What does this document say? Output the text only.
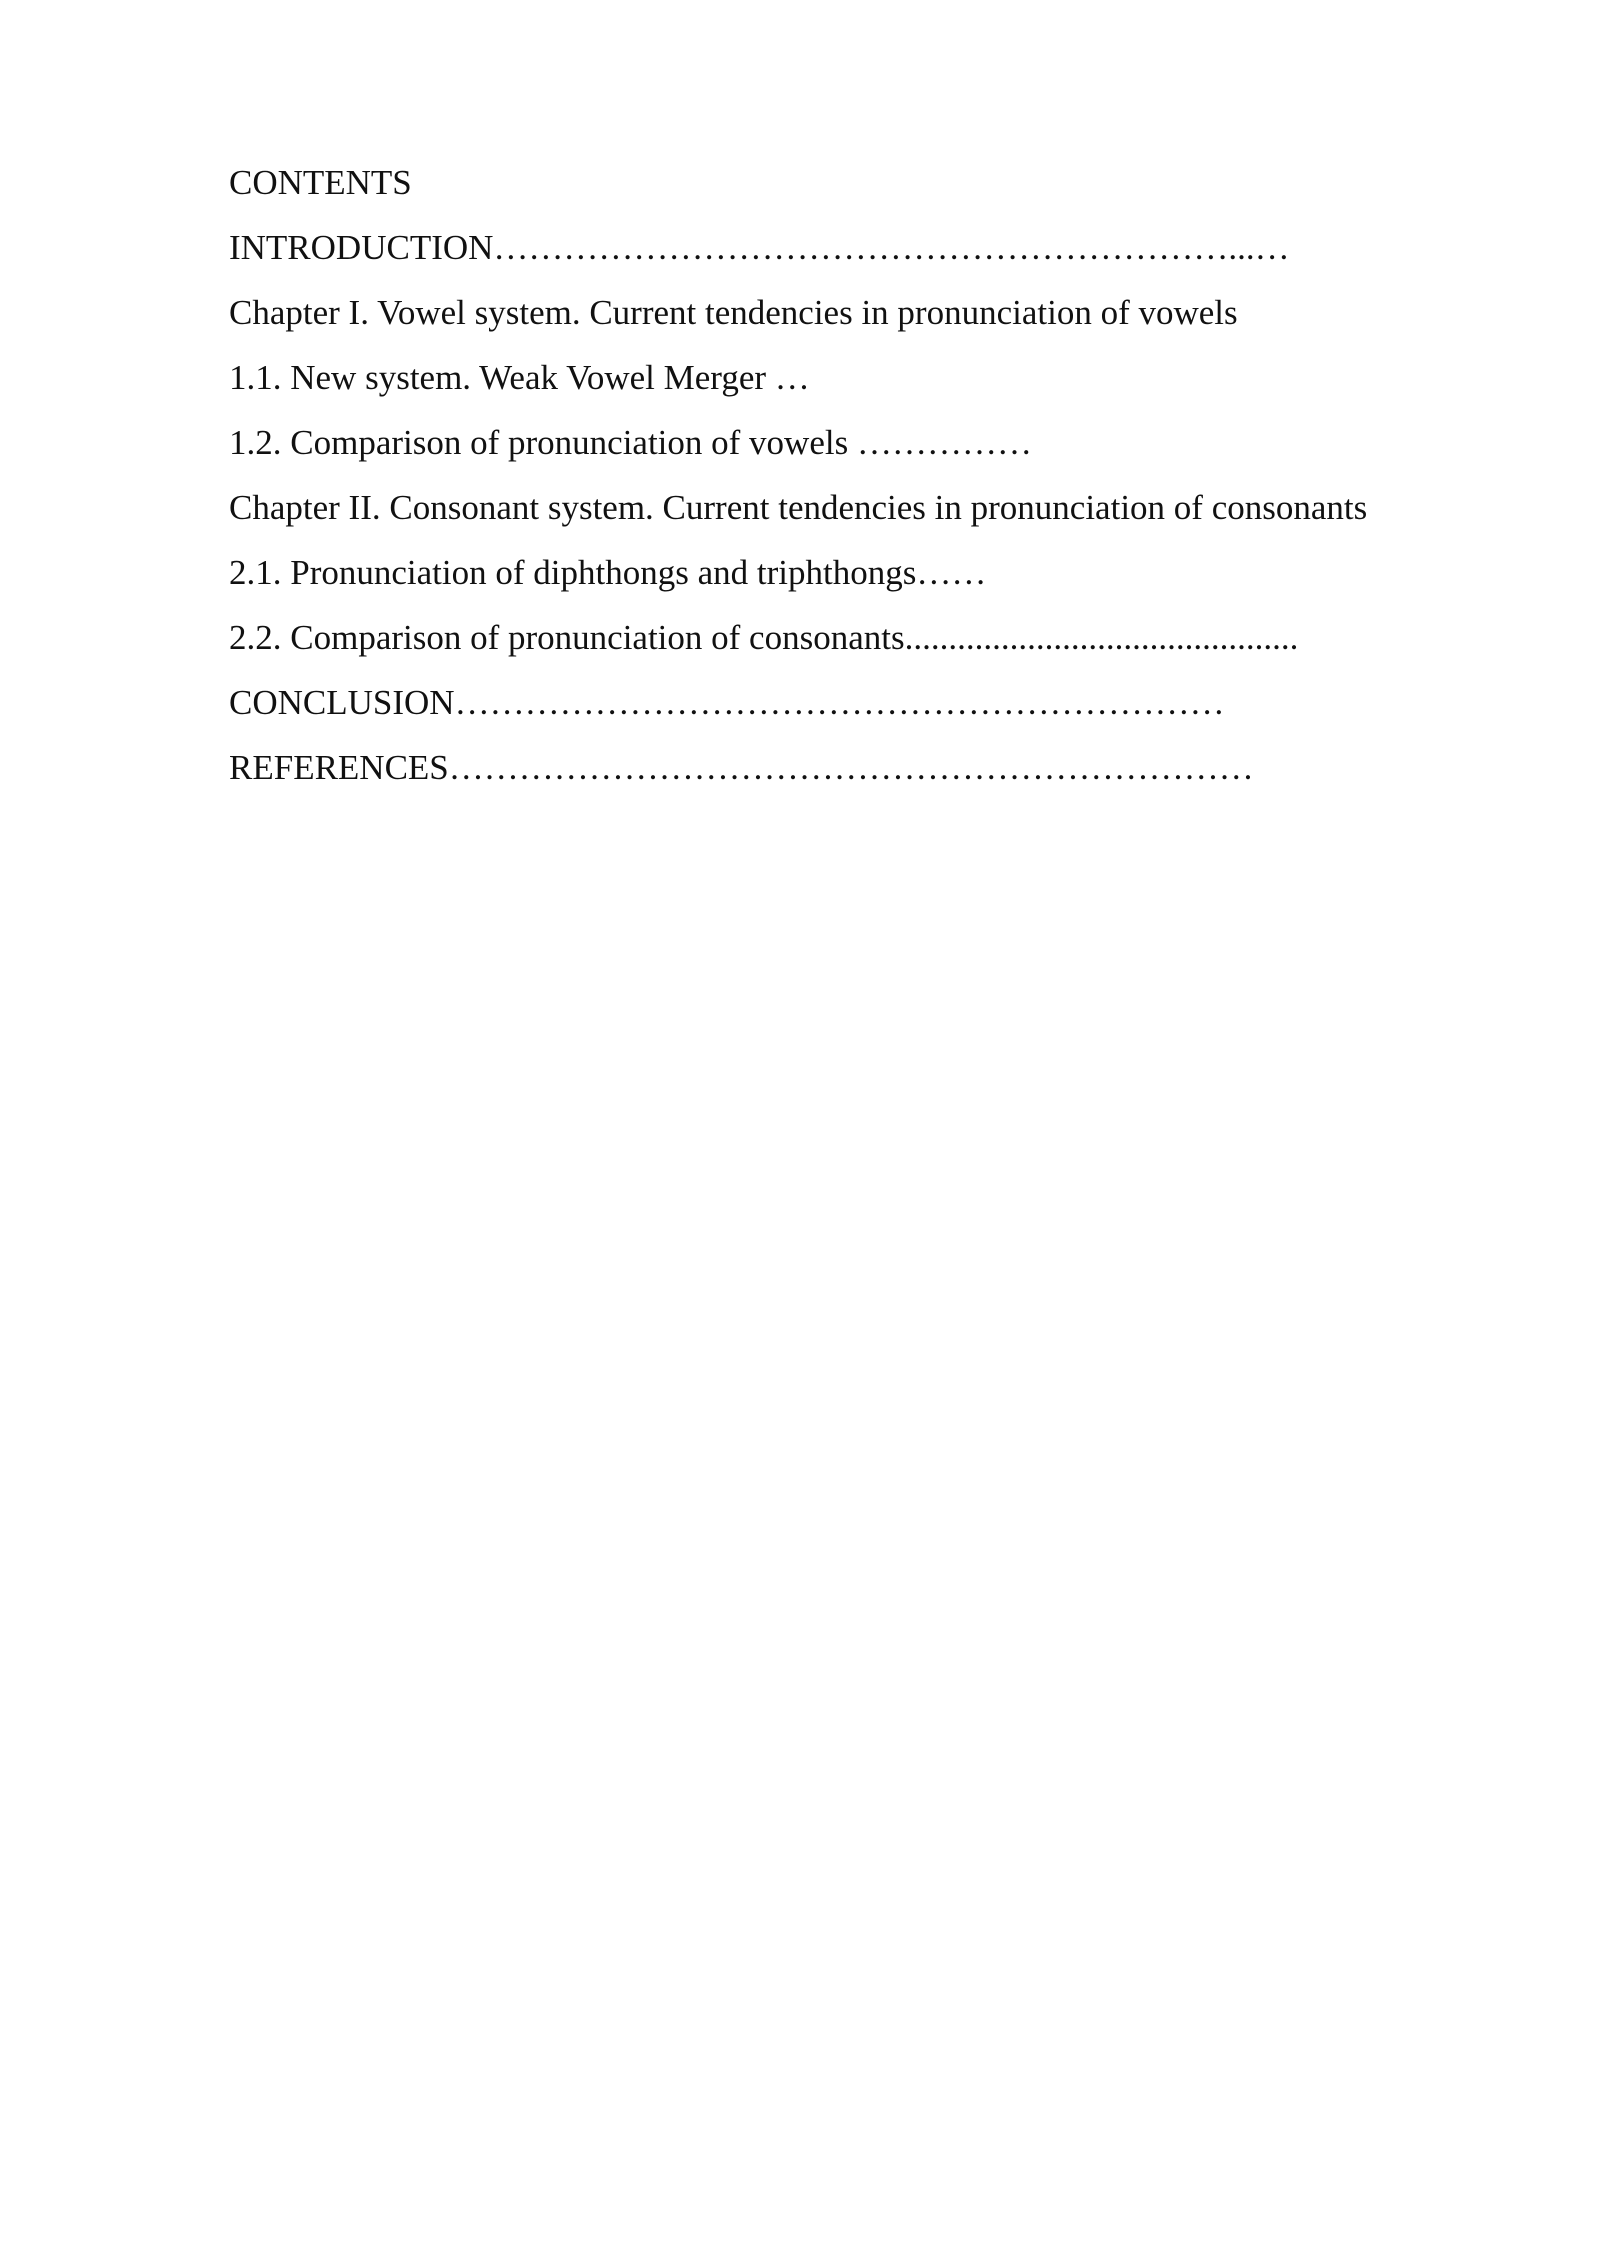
CONTENTS
INTRODUCTION………………………………………………………...…
Chapter I. Vowel system. Current tendencies in pronunciation of vowels
1.1. New system. Weak Vowel Merger …
1.2. Comparison of pronunciation of vowels ……………
Chapter II. Consonant system. Current tendencies in pronunciation of consonants
2.1. Pronunciation of diphthongs and triphthongs……
2.2. Comparison of pronunciation of consonants.............................................
CONCLUSION…………………………………………………………
REFERENCES……………………………………………………………
